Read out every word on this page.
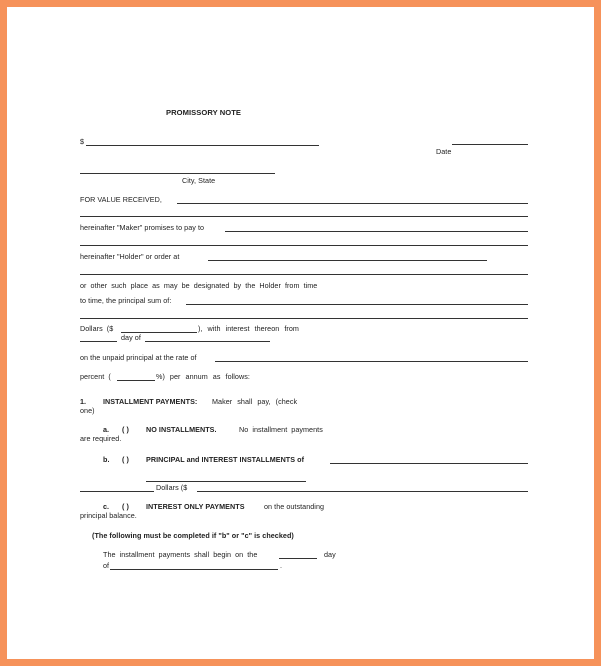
PROMISSORY NOTE
$
Date
City, State
FOR VALUE RECEIVED,
hereinafter "Maker" promises to pay to
hereinafter "Holder" or order at
or other such place as may be designated by the Holder from time
to time, the principal sum of:
Dollars ($	), with interest thereon from
day of
on the unpaid principal at the rate of
percent (	%) per annum as follows:
1. INSTALLMENT PAYMENTS: Maker shall pay, (check
one)
a. ( ) NO INSTALLMENTS.	No installment payments
are required.
b. ( ) PRINCIPAL and INTEREST INSTALLMENTS of
Dollars ($
c. ( ) INTEREST ONLY PAYMENTS	on the outstanding
principal balance.
(The following must be completed if "b" or "c" is checked)
The installment payments shall begin on the	day
of	.
